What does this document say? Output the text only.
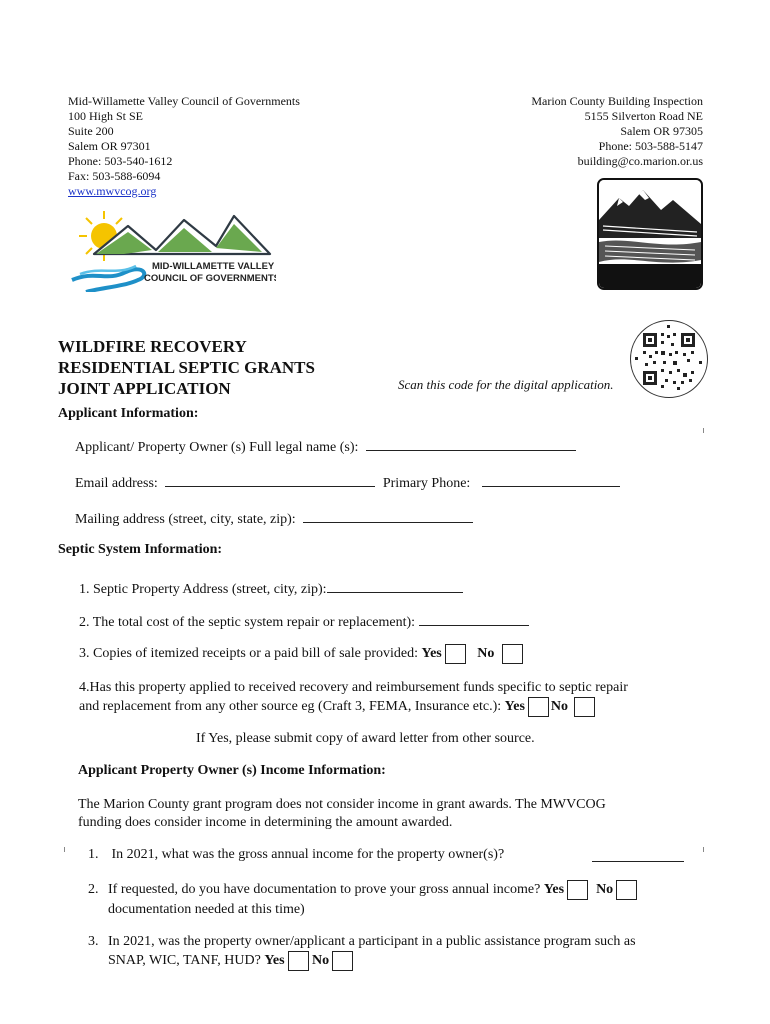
Mid-Willamette Valley Council of Governments
100 High St SE
Suite 200
Salem OR 97301
Phone: 503-540-1612
Fax: 503-588-6094
www.mwvcog.org
Marion County Building Inspection
5155 Silverton Road NE
Salem OR 97305
Phone: 503-588-5147
building@co.marion.or.us
MID-WILLAMETTE VALLEY
COUNCIL OF GOVERNMENTS
WILDFIRE RECOVERY
RESIDENTIAL SEPTIC GRANTS
JOINT APPLICATION	Scan this code for the digital application.
Applicant Information:
Applicant/ Property Owner (s) Full legal name (s):
Email address:	Primary Phone:
Mailing address (street, city, state, zip):
Septic System Information:
1. Septic Property Address (street, city, zip):
2. The total cost of the septic system repair or replacement):
3. Copies of itemized receipts or a paid bill of sale provided: Yes	No
4.Has this property applied to received recovery and reimbursement funds specific to septic repair
and replacement from any other source eg (Craft 3, FEMA, Insurance etc.): Yes No
If Yes, please submit copy of award letter from other source.
Applicant Property Owner (s) Income Information:
The Marion County grant program does not consider income in grant awards. The MWVCOG
funding does consider income in determining the amount awarded.
1. In 2021, what was the gross annual income for the property owner(s)?
2. If requested, do you have documentation to prove your gross annual income? Yes No
documentation needed at this time)
3. In 2021, was the property owner/applicant a participant in a public assistance program such as
SNAP, WIC, TANF, HUD? Yes No
